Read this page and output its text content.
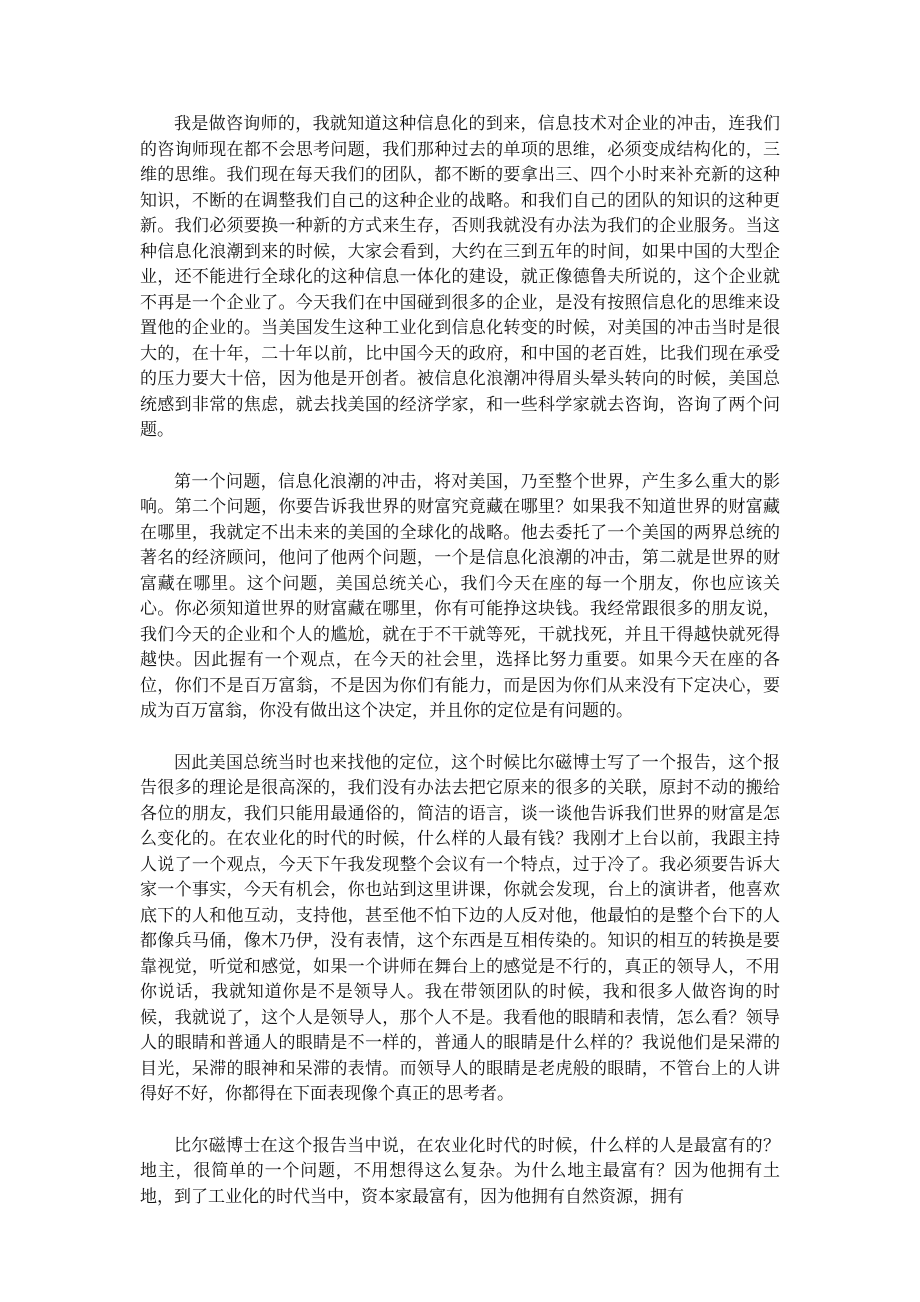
我是做咨询师的，我就知道这种信息化的到来，信息技术对企业的冲击，连我们的咨询师现在都不会思考问题，我们那种过去的单项的思维，必须变成结构化的，三维的思维。我们现在每天我们的团队，都不断的要拿出三、四个小时来补充新的这种知识，不断的在调整我们自己的这种企业的战略。和我们自己的团队的知识的这种更新。我们必须要换一种新的方式来生存，否则我就没有办法为我们的企业服务。当这种信息化浪潮到来的时候，大家会看到，大约在三到五年的时间，如果中国的大型企业，还不能进行全球化的这种信息一体化的建设，就正像德鲁夫所说的，这个企业就不再是一个企业了。今天我们在中国碰到很多的企业，是没有按照信息化的思维来设置他的企业的。当美国发生这种工业化到信息化转变的时候，对美国的冲击当时是很大的，在十年，二十年以前，比中国今天的政府，和中国的老百姓，比我们现在承受的压力要大十倍，因为他是开创者。被信息化浪潮冲得眉头晕头转向的时候，美国总统感到非常的焦虑，就去找美国的经济学家，和一些科学家就去咨询，咨询了两个问题。

第一个问题，信息化浪潮的冲击，将对美国，乃至整个世界，产生多么重大的影响。第二个问题，你要告诉我世界的财富究竟藏在哪里？如果我不知道世界的财富藏在哪里，我就定不出未来的美国的全球化的战略。他去委托了一个美国的两界总统的著名的经济顾问，他问了他两个问题，一个是信息化浪潮的冲击，第二就是世界的财富藏在哪里。这个问题，美国总统关心，我们今天在座的每一个朋友，你也应该关心。你必须知道世界的财富藏在哪里，你有可能挣这块钱。我经常跟很多的朋友说，我们今天的企业和个人的尴尬，就在于不干就等死，干就找死，并且干得越快就死得越快。因此握有一个观点，在今天的社会里，选择比努力重要。如果今天在座的各位，你们不是百万富翁，不是因为你们有能力，而是因为你们从来没有下定决心，要成为百万富翁，你没有做出这个决定，并且你的定位是有问题的。

因此美国总统当时也来找他的定位，这个时候比尔磁博士写了一个报告，这个报告很多的理论是很高深的，我们没有办法去把它原来的很多的关联，原封不动的搬给各位的朋友，我们只能用最通俗的，简洁的语言，谈一谈他告诉我们世界的财富是怎么变化的。在农业化的时代的时候，什么样的人最有钱？我刚才上台以前，我跟主持人说了一个观点，今天下午我发现整个会议有一个特点，过于冷了。我必须要告诉大家一个事实，今天有机会，你也站到这里讲课，你就会发现，台上的演讲者，他喜欢底下的人和他互动，支持他，甚至他不怕下边的人反对他，他最怕的是整个台下的人都像兵马俑，像木乃伊，没有表情，这个东西是互相传染的。知识的相互的转换是要靠视觉，听觉和感觉，如果一个讲师在舞台上的感觉是不行的，真正的领导人，不用你说话，我就知道你是不是领导人。我在带领团队的时候，我和很多人做咨询的时候，我就说了，这个人是领导人，那个人不是。我看他的眼睛和表情，怎么看？领导人的眼睛和普通人的眼睛是不一样的，普通人的眼睛是什么样的？我说他们是呆滞的目光，呆滞的眼神和呆滞的表情。而领导人的眼睛是老虎般的眼睛，不管台上的人讲得好不好，你都得在下面表现像个真正的思考者。

比尔磁博士在这个报告当中说，在农业化时代的时候，什么样的人是最富有的？地主，很简单的一个问题，不用想得这么复杂。为什么地主最富有？因为他拥有土地，到了工业化的时代当中，资本家最富有，因为他拥有自然资源，拥有
